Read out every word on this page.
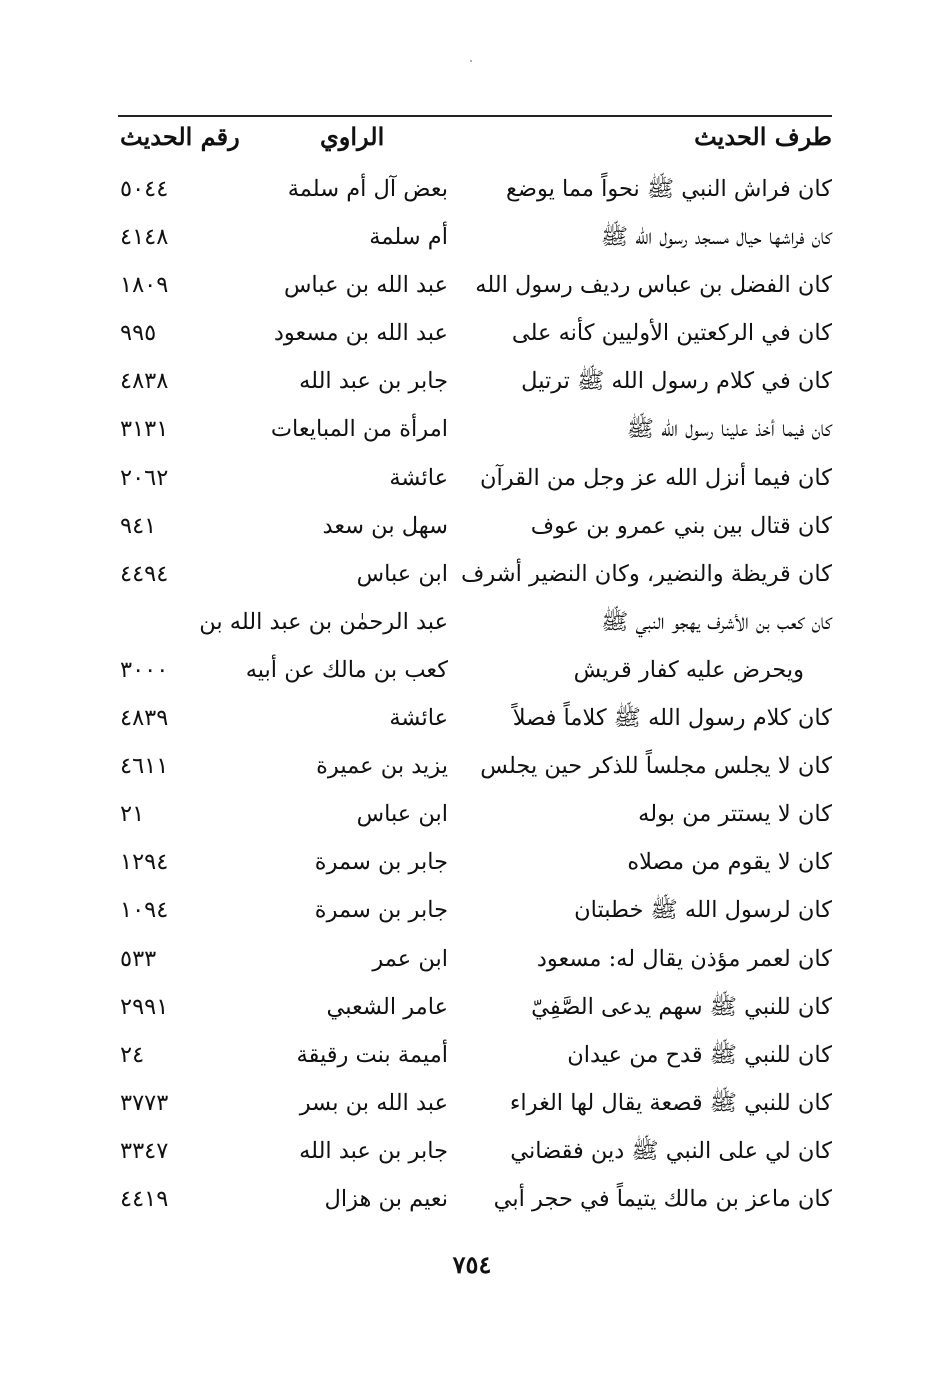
طرف الحديث
الراوي
رقم الحديث
كان فراش النبي ﷺ نحواً مما يوضع
بعض آل أم سلمة
٥٠٤٤
كان فراشها حيال مسجد رسول الله ﷺ
أم سلمة
٤١٤٨
كان الفضل بن عباس رديف رسول الله
عبد الله بن عباس
١٨٠٩
كان في الركعتين الأوليين كأنه على
عبد الله بن مسعود
٩٩٥
كان في كلام رسول الله ﷺ ترتيل
جابر بن عبد الله
٤٨٣٨
كان فيما أخذ علينا رسول الله ﷺ
امرأة من المبايعات
٣١٣١
كان فيما أنزل الله عز وجل من القرآن
عائشة
٢٠٦٢
كان قتال بين بني عمرو بن عوف
سهل بن سعد
٩٤١
كان قريظة والنضير، وكان النضير أشرف
ابن عباس
٤٤٩٤
كان كعب بن الأشرف يهجو النبي ﷺ
عبد الرحمٰن بن عبد الله بن
ويحرض عليه كفار قريش
كعب بن مالك عن أبيه
٣٠٠٠
كان كلام رسول الله ﷺ كلاماً فصلاً
عائشة
٤٨٣٩
كان لا يجلس مجلساً للذكر حين يجلس
يزيد بن عميرة
٤٦١١
كان لا يستتر من بوله
ابن عباس
٢١
كان لا يقوم من مصلاه
جابر بن سمرة
١٢٩٤
كان لرسول الله ﷺ خطبتان
جابر بن سمرة
١٠٩٤
كان لعمر مؤذن يقال له: مسعود
ابن عمر
٥٣٣
كان للنبي ﷺ سهم يدعى الصَّفِيّ
عامر الشعبي
٢٩٩١
كان للنبي ﷺ قدح من عيدان
أميمة بنت رقيقة
٢٤
كان للنبي ﷺ قصعة يقال لها الغراء
عبد الله بن بسر
٣٧٧٣
كان لي على النبي ﷺ دين فقضاني
جابر بن عبد الله
٣٣٤٧
كان ماعز بن مالك يتيماً في حجر أبي
نعيم بن هزال
٤٤١٩
٧٥٤
